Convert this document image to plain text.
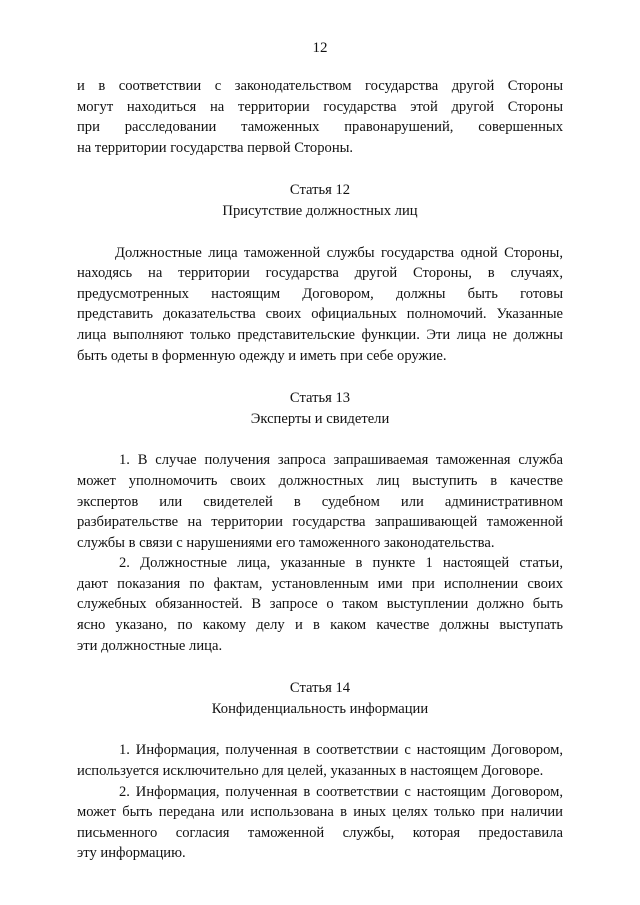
12
и в соответствии с законодательством государства другой Стороны
могут находиться на территории государства этой другой Стороны
при расследовании таможенных правонарушений, совершенных
на территории государства первой Стороны.
Статья 12
Присутствие должностных лиц
Должностные лица таможенной службы государства одной Стороны,
находясь на территории государства другой Стороны, в случаях,
предусмотренных настоящим Договором, должны быть готовы
представить доказательства своих официальных полномочий. Указанные
лица выполняют только представительские функции. Эти лица не должны
быть одеты в форменную одежду и иметь при себе оружие.
Статья 13
Эксперты и свидетели
1. В случае получения запроса запрашиваемая таможенная служба
может уполномочить своих должностных лиц выступить в качестве
экспертов или свидетелей в судебном или административном
разбирательстве на территории государства запрашивающей таможенной
службы в связи с нарушениями его таможенного законодательства.
2. Должностные лица, указанные в пункте 1 настоящей статьи,
дают показания по фактам, установленным ими при исполнении своих
служебных обязанностей. В запросе о таком выступлении должно быть
ясно указано, по какому делу и в каком качестве должны выступать
эти должностные лица.
Статья 14
Конфиденциальность информации
1. Информация, полученная в соответствии с настоящим Договором,
используется исключительно для целей, указанных в настоящем Договоре.
2. Информация, полученная в соответствии с настоящим Договором,
может быть передана или использована в иных целях только при наличии
письменного согласия таможенной службы, которая предоставила
эту информацию.
